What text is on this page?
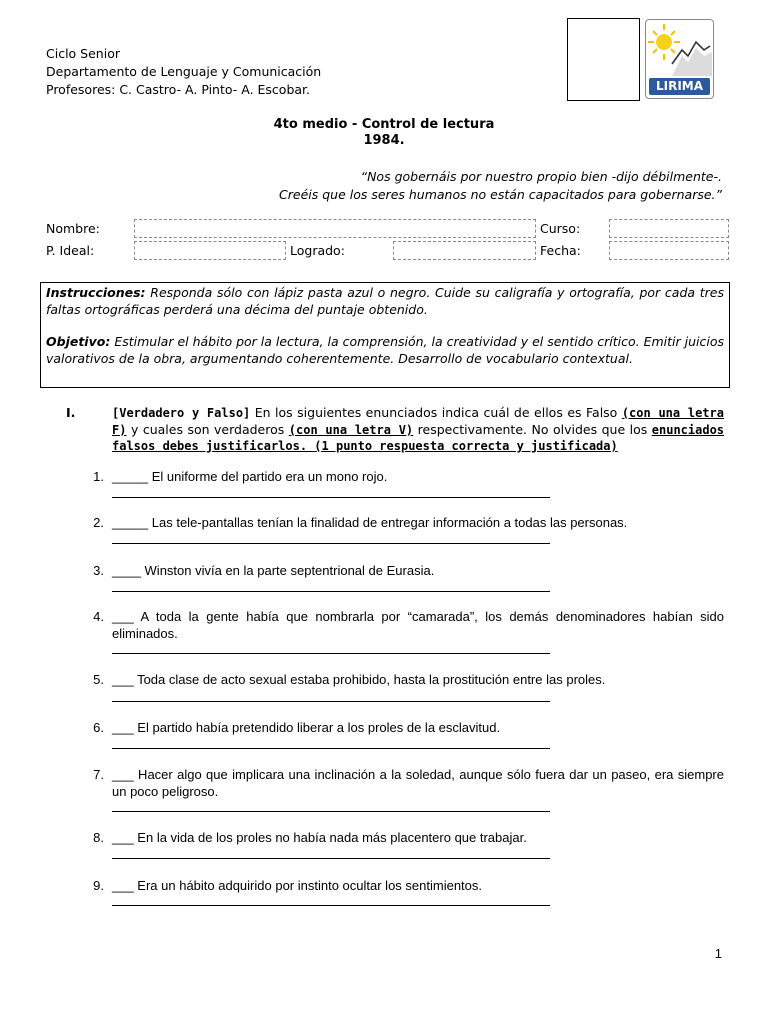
Ciclo Senior
Departamento de Lenguaje y Comunicación
Profesores: C. Castro- A. Pinto- A. Escobar.	LIRIMA
4to medio - Control de lectura
1984.
“Nos gobernáis por nuestro propio bien -dijo débilmente-.
Creéis que los seres humanos no están capacitados para gobernarse.”
Nombre:	Curso:
P. Ideal:	Logrado:	Fecha:

Instrucciones: Responda sólo con lápiz pasta azul o negro. Cuide su caligrafía y ortografía, por cada tres faltas ortográficas perderá una décima del puntaje obtenido.

Objetivo: Estimular el hábito por la lectura, la comprensión, la creatividad y el sentido crítico. Emitir juicios valorativos de la obra, argumentando coherentemente. Desarrollo de vocabulario contextual.

I.	[Verdadero y Falso] En los siguientes enunciados indica cuál de ellos es Falso (con una letra F) y cuales son verdaderos (con una letra V) respectivamente. No olvides que los enunciados falsos debes justificarlos. (1 punto respuesta correcta y justificada)
1. _____ El uniforme del partido era un mono rojo.
2. _____ Las tele-pantallas tenían la finalidad de entregar información a todas las personas.
3. ____ Winston vivía en la parte septentrional de Eurasia.
4. ___ A toda la gente había que nombrarla por “camarada”, los demás denominadores habían sido eliminados.
5. ___ Toda clase de acto sexual estaba prohibido, hasta la prostitución entre las proles.
6. ___ El partido había pretendido liberar a los proles de la esclavitud.
7. ___ Hacer algo que implicara una inclinación a la soledad, aunque sólo fuera dar un paseo, era siempre un poco peligroso.
8. ___ En la vida de los proles no había nada más placentero que trabajar.
9. ___ Era un hábito adquirido por instinto ocultar los sentimientos.
1
